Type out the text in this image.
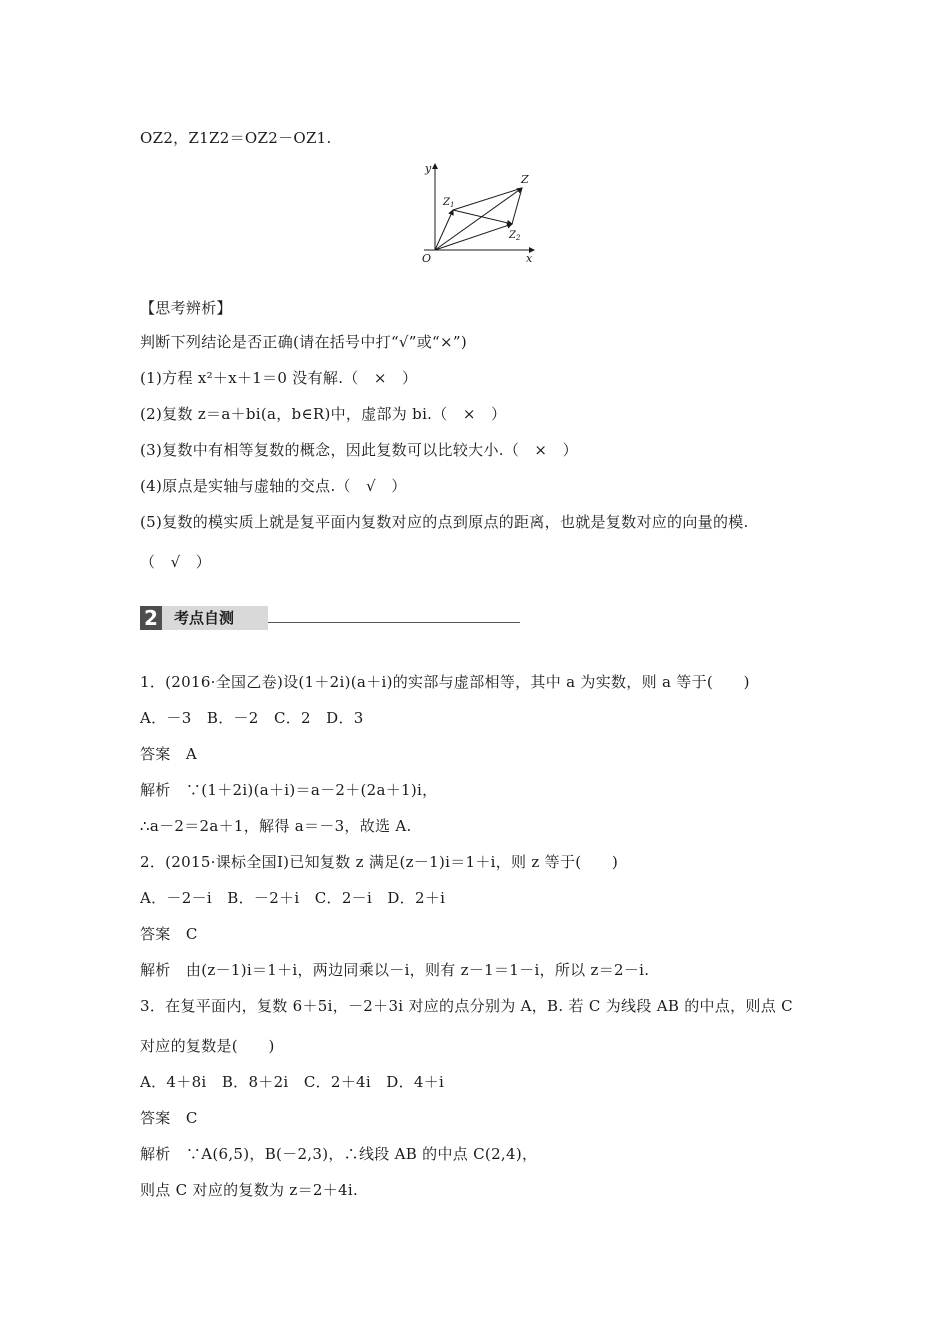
OZ2，Z1Z2＝OZ2－OZ1.
【思考辨析】
判断下列结论是否正确(请在括号中打“√”或“×”)
(1)方程 x²＋x＋1＝0 没有解.（　×　）
(2)复数 z＝a＋bi(a，b∈R)中，虚部为 bi.（　×　）
(3)复数中有相等复数的概念，因此复数可以比较大小.（　×　）
(4)原点是实轴与虚轴的交点.（　√　）
(5)复数的模实质上就是复平面内复数对应的点到原点的距离，也就是复数对应的向量的模.
（　√　）
1．(2016·全国乙卷)设(1＋2i)(a＋i)的实部与虚部相等，其中 a 为实数，则 a 等于(　　)
A．－3　B．－2　C．2　D．3
答案　A
解析　∵(1＋2i)(a＋i)＝a－2＋(2a＋1)i，
∴a－2＝2a＋1，解得 a＝－3，故选 A.
2．(2015·课标全国Ⅰ)已知复数 z 满足(z－1)i＝1＋i，则 z 等于(　　)
A．－2－i　B．－2＋i　C．2－i　D．2＋i
答案　C
解析　由(z－1)i＝1＋i，两边同乘以－i，则有 z－1＝1－i，所以 z＝2－i.
3．在复平面内，复数 6＋5i，－2＋3i 对应的点分别为 A，B. 若 C 为线段 AB 的中点，则点 C
对应的复数是(　　)
A．4＋8i　B．8＋2i　C．2＋4i　D．4＋i
答案　C
解析　∵A(6,5)，B(－2,3)，∴线段 AB 的中点 C(2,4)，
则点 C 对应的复数为 z＝2＋4i.
y
x
O
Z
$Z_1$
$Z_2$
2	考点自测
